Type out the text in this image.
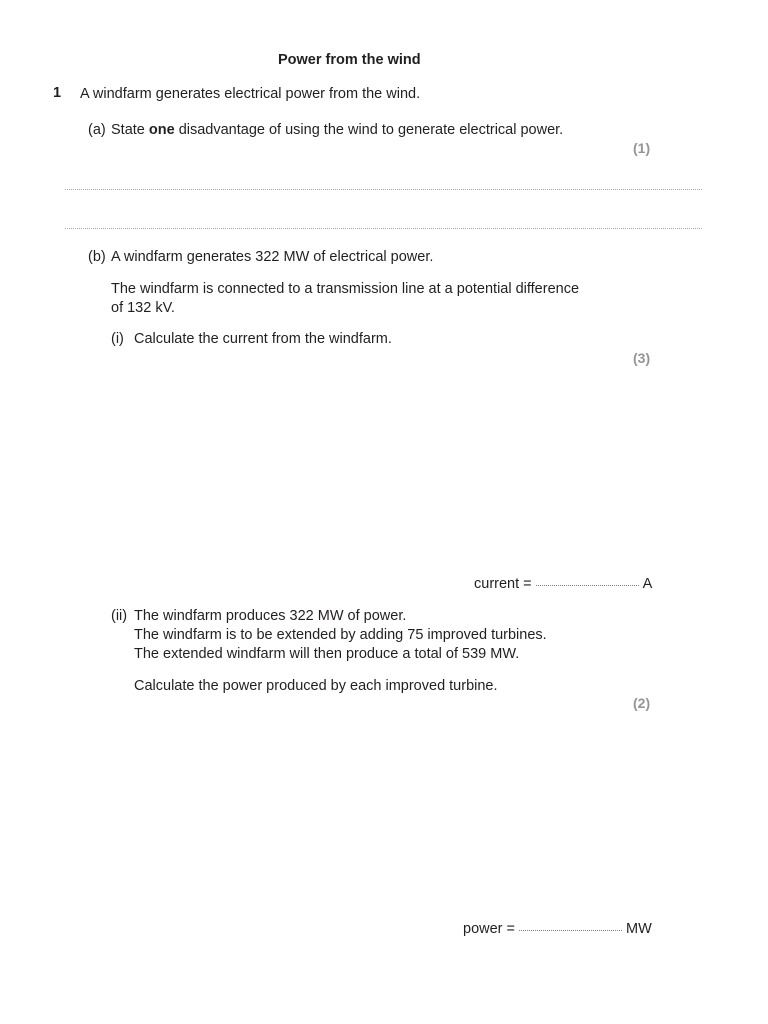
Power from the wind
1 A windfarm generates electrical power from the wind.
(a) State one disadvantage of using the wind to generate electrical power.
(1)
(b) A windfarm generates 322 MW of electrical power.
The windfarm is connected to a transmission line at a potential difference
of 132 kV.
(i) Calculate the current from the windfarm.
(3)
current =	A
(ii) The windfarm produces 322 MW of power.
The windfarm is to be extended by adding 75 improved turbines.
The extended windfarm will then produce a total of 539 MW.
Calculate the power produced by each improved turbine.
(2)
power =	MW
